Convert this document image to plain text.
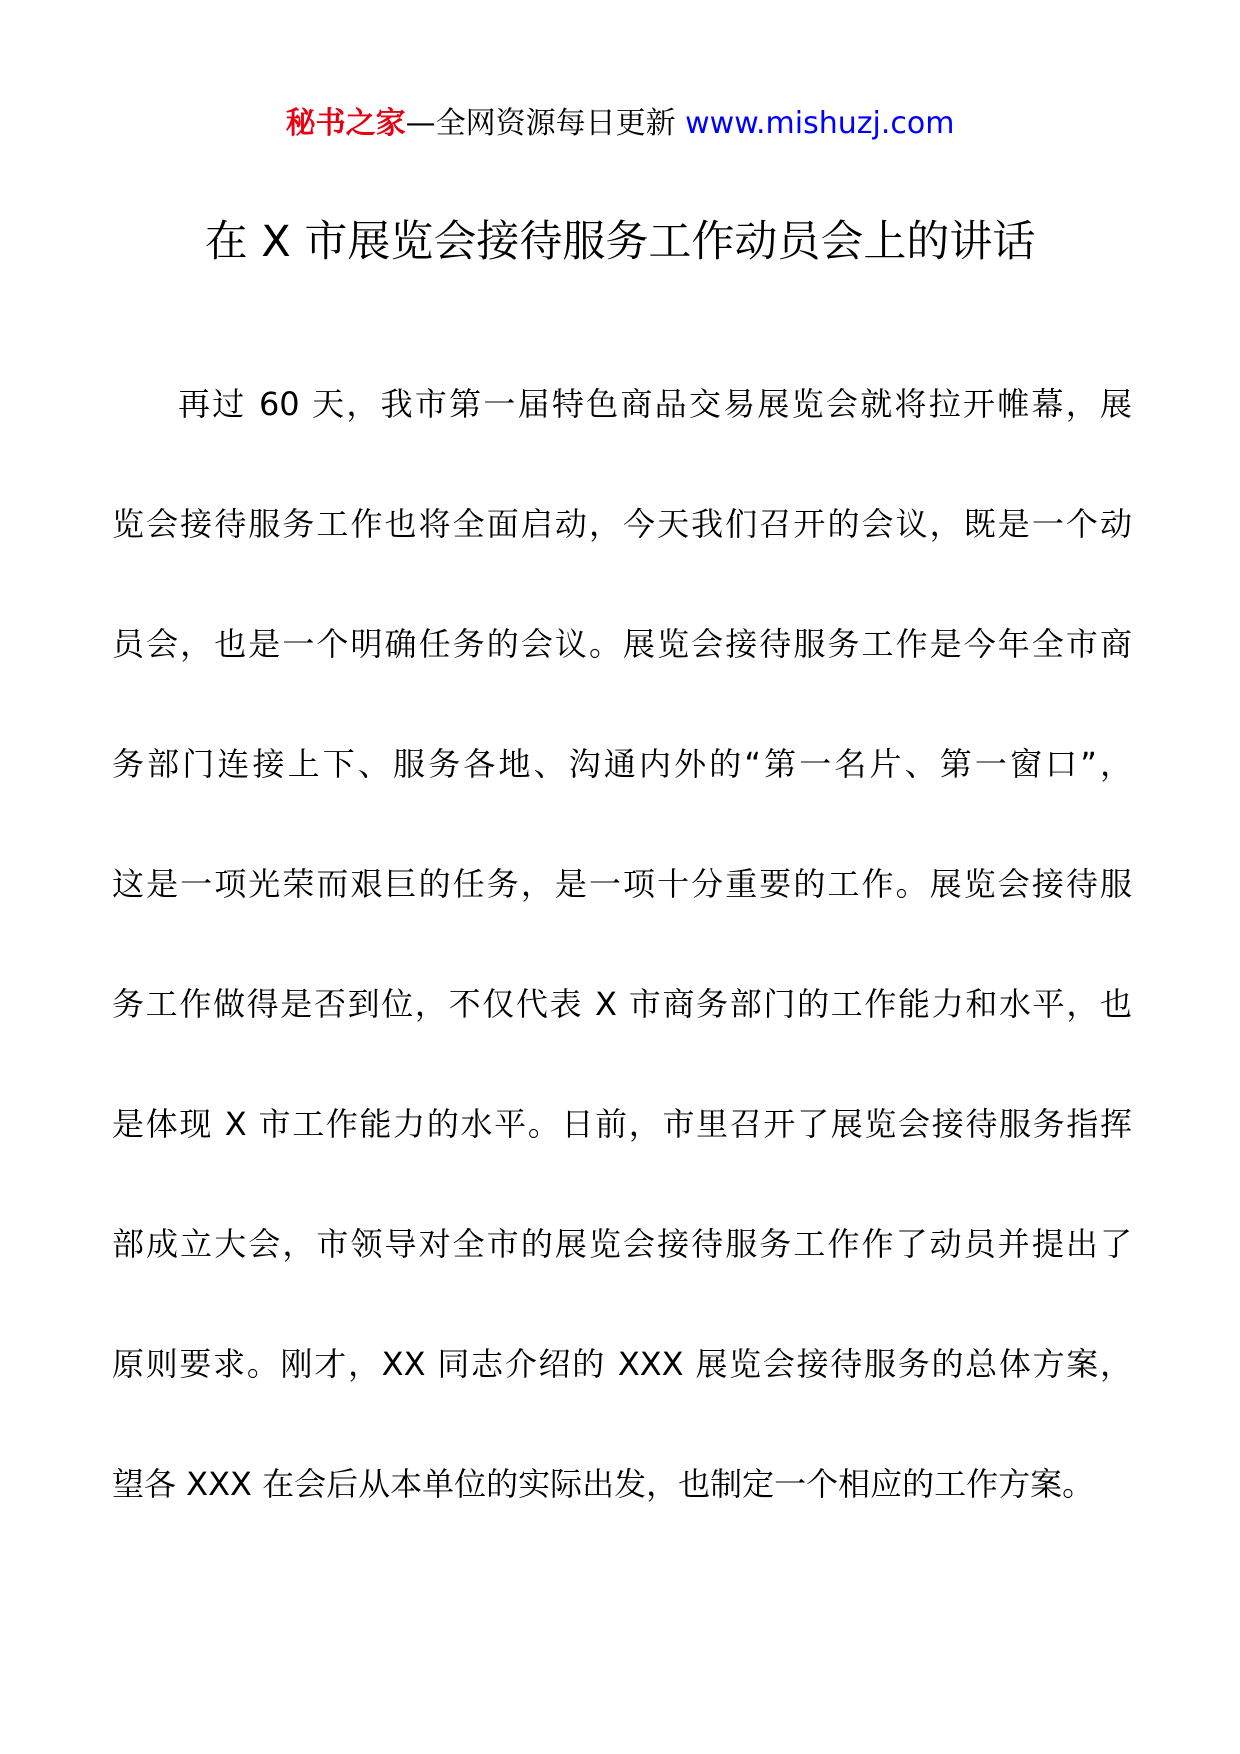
秘书之家—全网资源每日更新 www.mishuzj.com
在 X 市展览会接待服务工作动员会上的讲话
再过 60 天，我市第一届特色商品交易展览会就将拉开帷幕，展
览会接待服务工作也将全面启动，今天我们召开的会议，既是一个动
员会，也是一个明确任务的会议。展览会接待服务工作是今年全市商
务部门连接上下、服务各地、沟通内外的“第一名片、第一窗口”，
这是一项光荣而艰巨的任务，是一项十分重要的工作。展览会接待服
务工作做得是否到位，不仅代表 X 市商务部门的工作能力和水平，也
是体现 X 市工作能力的水平。日前，市里召开了展览会接待服务指挥
部成立大会，市领导对全市的展览会接待服务工作作了动员并提出了
原则要求。刚才，XX 同志介绍的 XXX 展览会接待服务的总体方案，
望各 XXX 在会后从本单位的实际出发，也制定一个相应的工作方案。
